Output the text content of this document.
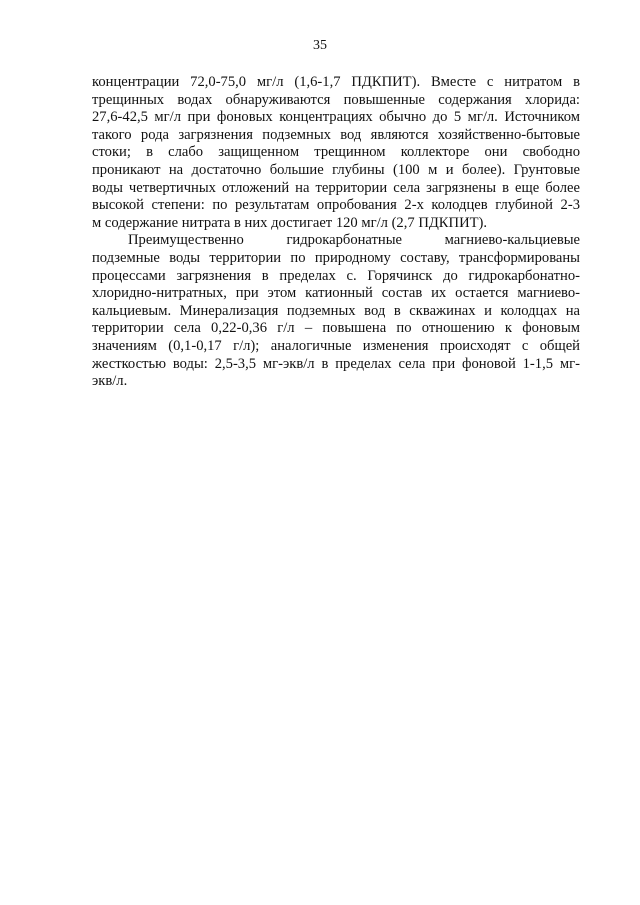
35
концентрации 72,0-75,0 мг/л (1,6-1,7 ПДКПИТ). Вместе с нитратом в
трещинных водах обнаруживаются повышенные содержания хлорида:
27,6-42,5 мг/л при фоновых концентрациях обычно до 5 мг/л. Источником
такого рода загрязнения подземных вод являются хозяйственно-бытовые
стоки; в слабо защищенном трещинном коллекторе они свободно
проникают на достаточно большие глубины (100 м и более). Грунтовые
воды четвертичных отложений на территории села загрязнены в еще более
высокой степени: по результатам опробования 2-х колодцев глубиной 2-3
м содержание нитрата в них достигает 120 мг/л (2,7 ПДКПИТ).
Преимущественно гидрокарбонатные магниево-кальциевые
подземные воды территории по природному составу, трансформированы
процессами загрязнения в пределах с. Горячинск до гидрокарбонатно-
хлоридно-нитратных, при этом катионный состав их остается магниево-
кальциевым. Минерализация подземных вод в скважинах и колодцах на
территории села 0,22-0,36 г/л – повышена по отношению к фоновым
значениям (0,1-0,17 г/л); аналогичные изменения происходят с общей
жесткостью воды: 2,5-3,5 мг-экв/л в пределах села при фоновой 1-1,5 мг-
экв/л.
